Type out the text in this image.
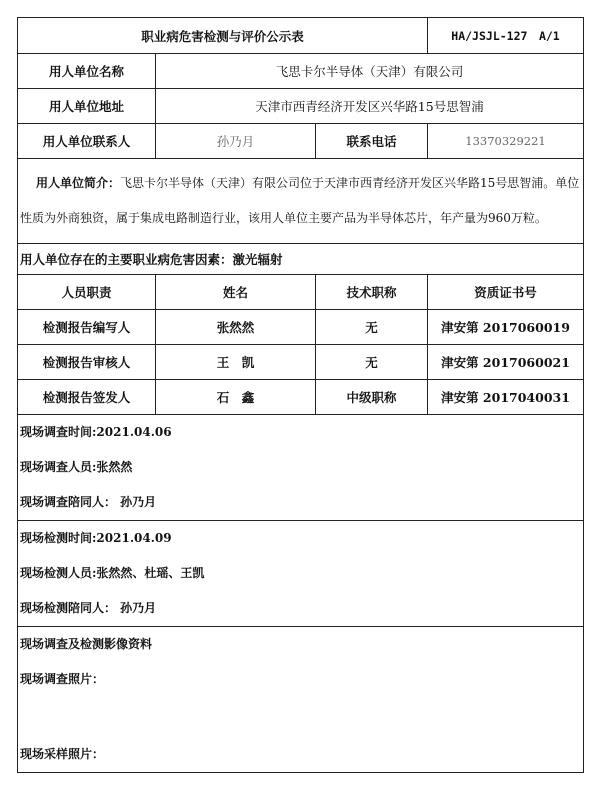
职业病危害检测与评价公示表			HA/JSJL-127　A/1
用人单位名称	飞思卡尔半导体（天津）有限公司		
用人单位地址	天津市西青经济开发区兴华路15号思智浦		
用人单位联系人	孙乃月	联系电话	13370329221
用人单位简介：飞思卡尔半导体（天津）有限公司位于天津市西青经济开发区兴华路15号思智浦。单位性质为外商独资，属于集成电路制造行业，该用人单位主要产品为半导体芯片，年产量为960万粒。			
用人单位存在的主要职业病危害因素：激光辐射			
人员职责	姓名	技术职称	资质证书号
检测报告编写人	张然然	无	津安第 2017060019
检测报告审核人	王　凯	无	津安第 2017060021
检测报告签发人	石　鑫	中级职称	津安第 2017040031

现场调查时间:2021.04.06
现场调查人员:张然然
现场调查陪同人： 孙乃月			

现场检测时间:2021.04.09
现场检测人员:张然然、杜瑶、王凯
现场检测陪同人： 孙乃月			

现场调查及检测影像资料
现场调查照片：
现场采样照片：			
